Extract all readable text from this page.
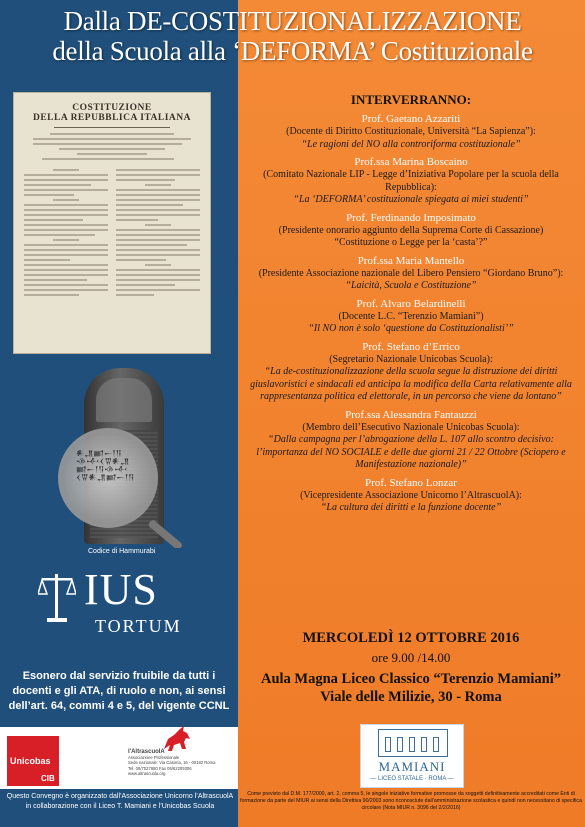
Dalla DE-COSTITUZIONALIZZAZIONE
della Scuola alla ‘DEFORMA’ Costituzionale
COSTITUZIONE
DELLA REPUBBLICA ITALIANA
𒀭𒂗𒆤𒀸𒁹𒀀𒈾𒋾𒌋𒐊𒀭𒂗𒆤𒀸𒁹𒀀𒈾𒋾𒌋𒐊𒀭𒂗𒆤𒀸𒁹𒀀
Codice di Hammurabi
IUS
TORTUM
Esonero dal servizio fruibile da tutti i docenti e gli ATA, di ruolo e non, ai sensi dell’art. 64, commi 4 e 5, del vigente CCNL
Unicobas
CIB
l'AltrascuolA
Associazione Professionale
Sede nazionale: Via Casoria, 16 - 00182 Roma
Tel. 06/7027680 Fax 06/62209306
www.altrascuola.org
Questo Convegno è organizzato dall’Associazione Unicorno l’AltrascuolA in collaborazione con il Liceo T. Mamiani e l’Unicobas Scuola
INTERVERRANNO:
Prof. Gaetano Azzariti
(Docente di Diritto Costituzionale, Università “La Sapienza”):
“Le ragioni del NO alla controriforma costituzionale”
Prof.ssa Marina Boscaino
(Comitato Nazionale LIP - Legge d’Iniziativa Popolare per la scuola della Repubblica):
“La ‘DEFORMA’ costituzionale spiegata ai miei studenti”
Prof. Ferdinando Imposimato
(Presidente onorario aggiunto della Suprema Corte di Cassazione)
“Costituzione o Legge per la ‘casta’?”
Prof.ssa Maria Mantello
(Presidente Associazione nazionale del Libero Pensiero “Giordano Bruno”):
“Laicità, Scuola e Costituzione”
Prof. Alvaro Belardinelli
(Docente L.C. “Terenzio Mamiani”)
“Il NO non è solo ‘questione da Costituzionalisti’”
Prof. Stefano d’Errico
(Segretario Nazionale Unicobas Scuola):
“La de-costituzionalizzazione della scuola segue la distruzione dei diritti giuslavoristici e sindacali ed anticipa la modifica della Carta relativamente alla rappresentanza politica ed elettorale, in un percorso che viene da lontano”
Prof.ssa Alessandra Fantauzzi
(Membro dell’Esecutivo Nazionale Unicobas Scuola):
“Dalla campagna per l’abrogazione della L. 107 allo scontro decisivo: l’importanza del NO SOCIALE e delle due giorni 21 / 22 Ottobre (Sciopero e Manifestazione nazionale)”
Prof. Stefano Lonzar
(Vicepresidente Associazione Unicorno l’AltrascuolA):
“La cultura dei diritti e la funzione docente”
MERCOLEDÌ 12 OTTOBRE 2016
ore 9.00 /14.00
Aula Magna Liceo Classico “Terenzio Mamiani”
Viale delle Milizie, 30 - Roma
MAMIANI
— LICEO STATALE · ROMA —
Come previsto dal D.M. 177/2000, art. 2, comma 5, le singole iniziative formative promosse da soggetti definitivamente accreditati come Enti di formazione da parte del MIUR ai sensi della Direttiva 90/2003 sono riconosciute dall’amministrazione scolastica e quindi non necessitano di specifica circolare (Nota MIUR n. 3096 del 2/2/2016)
